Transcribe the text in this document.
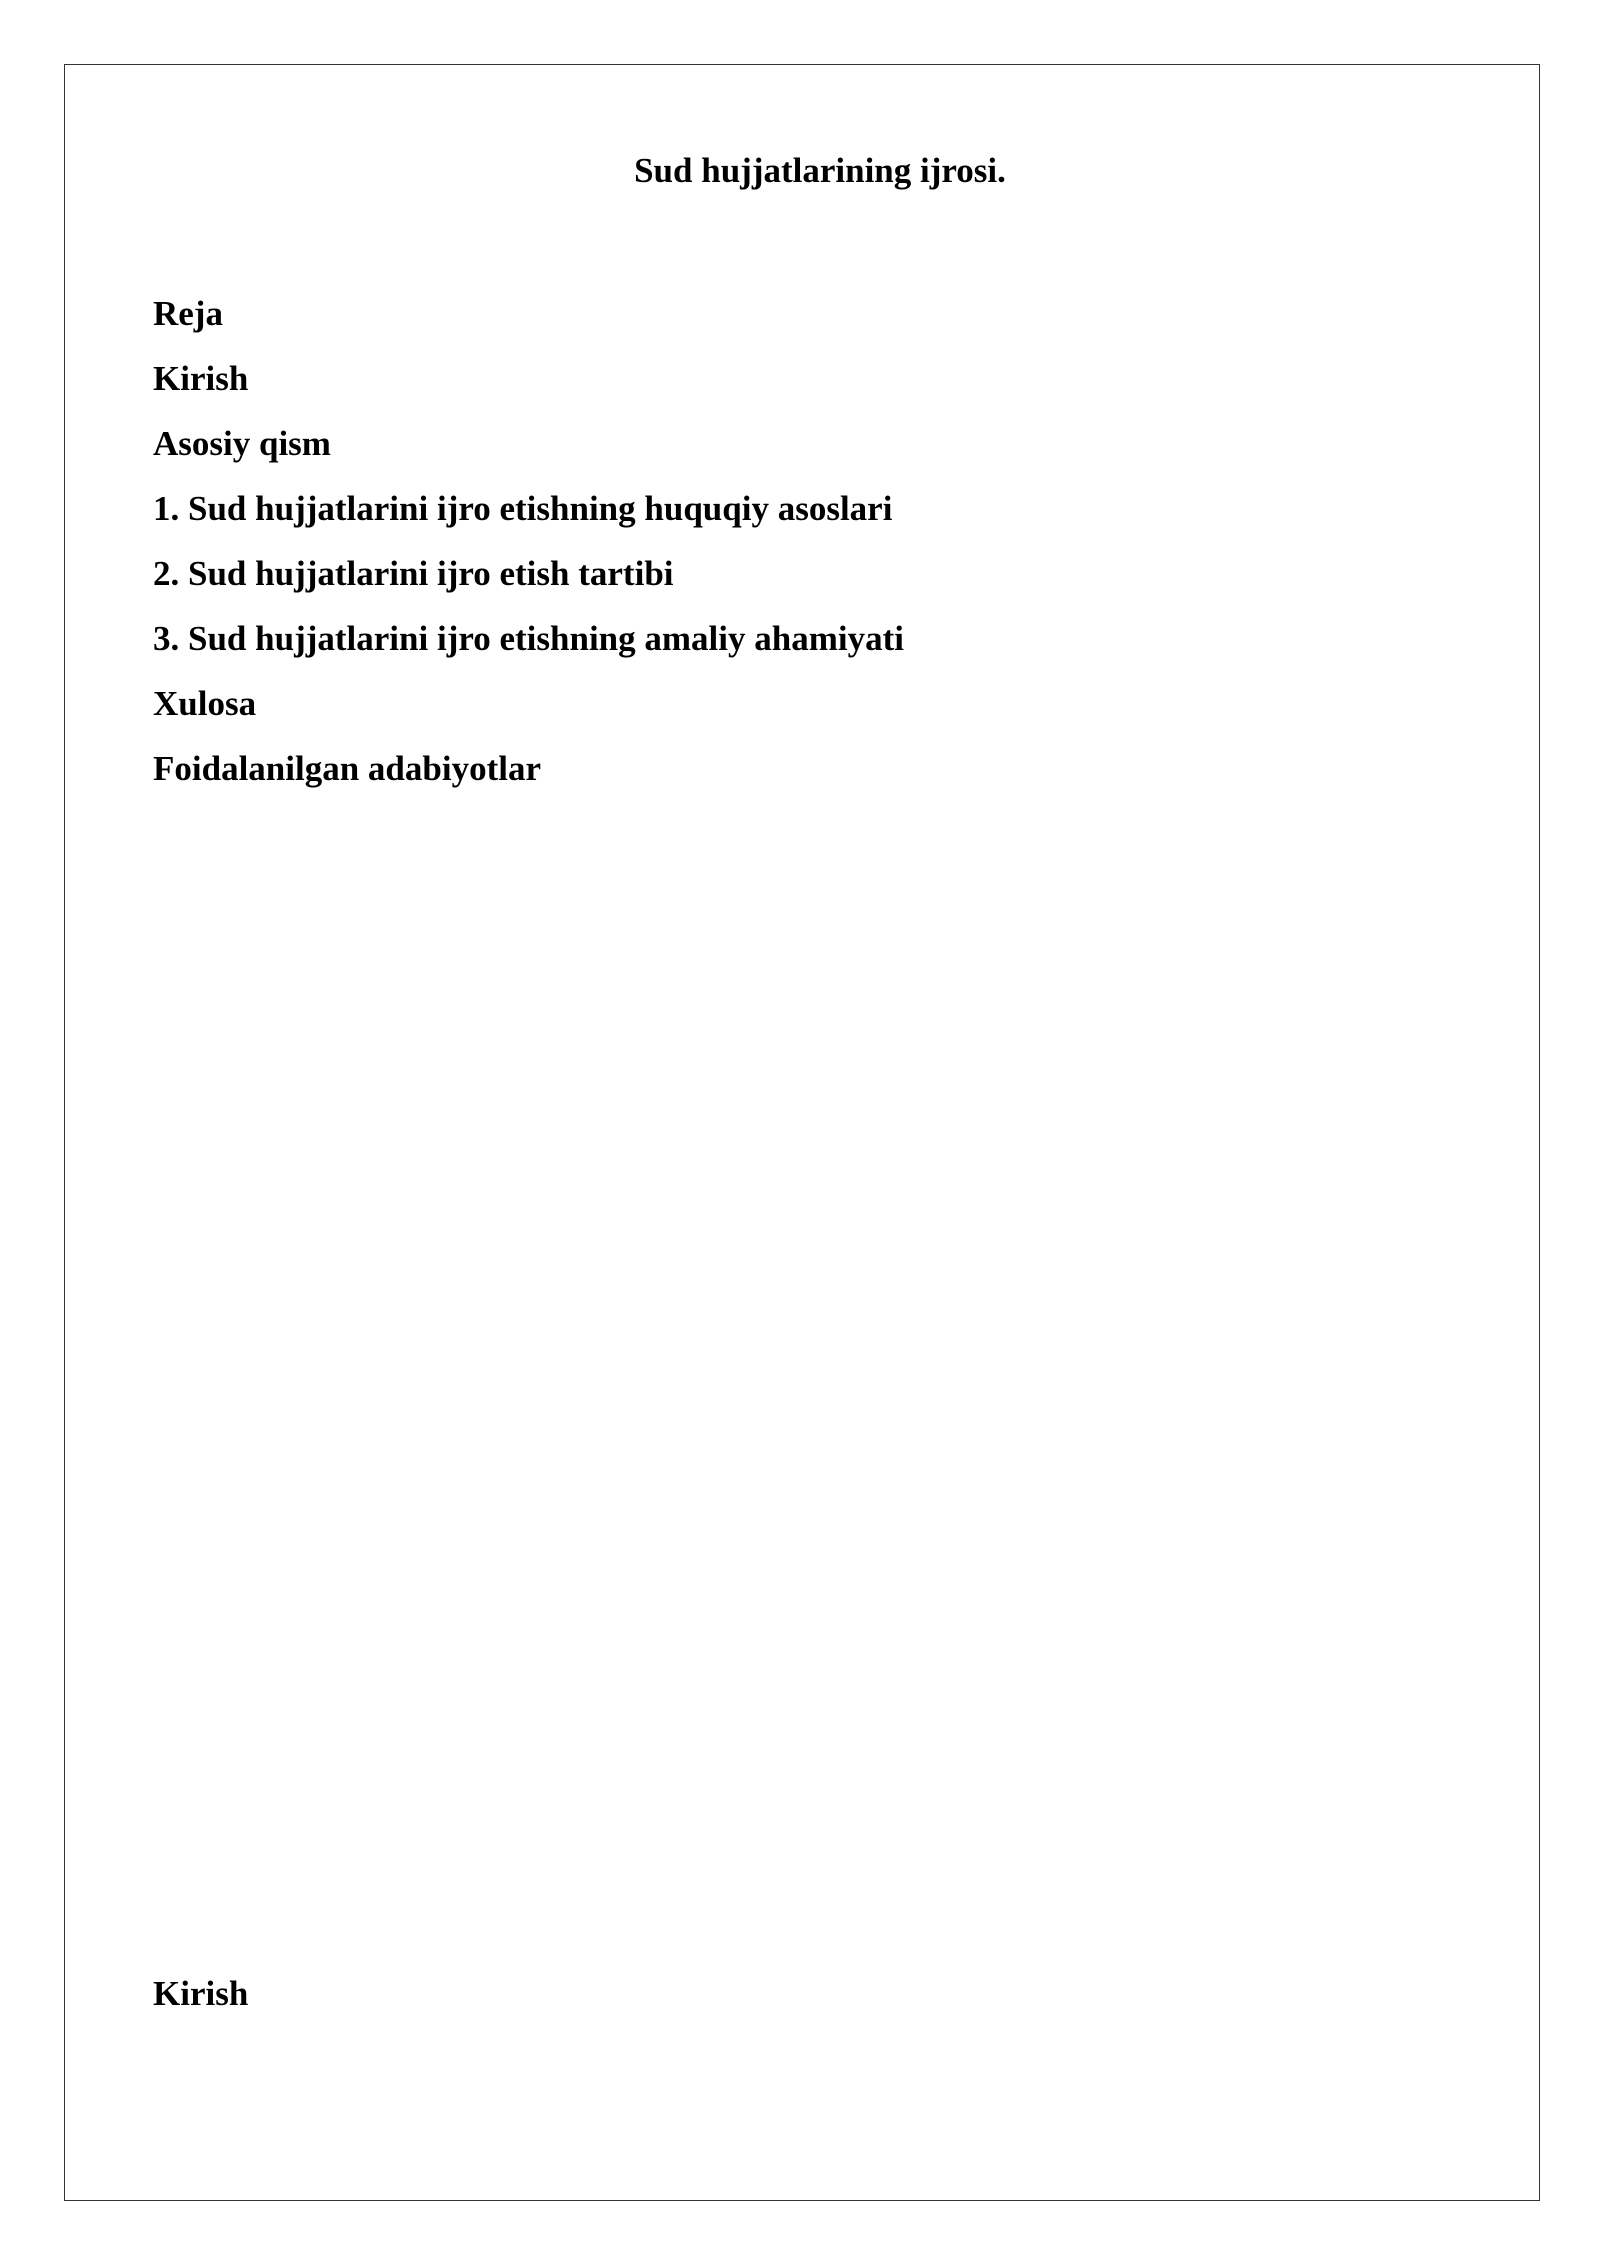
Sud hujjatlarining ijrosi.
Reja
Kirish
Asosiy qism
1. Sud hujjatlarini ijro etishning huquqiy asoslari
2. Sud hujjatlarini ijro etish tartibi
3. Sud hujjatlarini ijro etishning amaliy ahamiyati
Xulosa
Foidalanilgan adabiyotlar
Kirish
